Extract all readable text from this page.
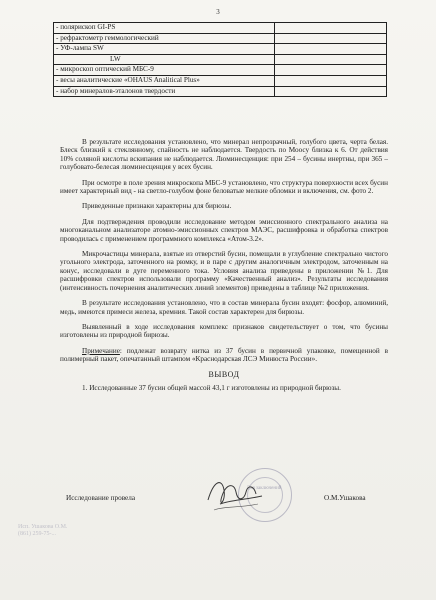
3
- полярископ GI-PS	
- рефрактометр геммологический	
- УФ-лампа SW	
LW	
- микроскоп оптический МБС-9	
- весы аналитические «OHAUS Analitical Plus»	
- набор минералов-эталонов твердости	

В результате исследования установлено, что минерал непрозрачный, голубого цвета, черта белая. Блеск близкий к стеклянному, спайность не наблюдается. Твердость по Моосу близка к 6. От действия 10% соляной кислоты вскипания не наблюдается. Люминесценция: при 254 – бусины инертны, при 365 – голубовато-белесая люминесценция у всех бусин.

При осмотре в поле зрения микроскопа МБС-9 установлено, что структура поверхности всех бусин имеет характерный вид - на светло-голубом фоне беловатые мелкие обломки и включения, см. фото 2.

Приведенные признаки характерны для бирюзы.

Для подтверждения проводили исследование методом эмиссионного спектрального анализа на многоканальном анализаторе атомно-эмиссионных спектров МАЭС, расшифровка и обработка спектров проводилась с применением программного комплекса «Атом-3.2».

Микрочастицы минерала, взятые из отверстий бусин, помещали в углубление спектрально чистого угольного электрода, заточенного на рюмку, и в паре с другим аналогичным электродом, заточенным на конус, исследовали в дуге переменного тока. Условия анализа приведены в приложении №1. Для расшифровки спектров использовали программу «Качественный анализ». Результаты исследования (интенсивность почернения аналитических линий элементов) приведены в таблице №2 приложения.

В результате исследования установлено, что в состав минерала бусин входят: фосфор, алюминий, медь, имеются примеси железа, кремния. Такой состав характерен для бирюзы.

Выявленный в ходе исследования комплекс признаков свидетельствует о том, что бусины изготовлены из природной бирюзы.

Примечание: подлежат возврату нитка из 37 бусин в первичной упаковке, помещенной в полимерный пакет, опечатанный штампом «Краснодарская ЛСЭ Минюста России».

ВЫВОД

1. Исследованные 37 бусин общей массой 43,1 г изготовлены из природной бирюзы.

Для заключений
Исследование провела	О.М.Ушакова
Исп. Ушакова О.М.
(861) 259-75-...
